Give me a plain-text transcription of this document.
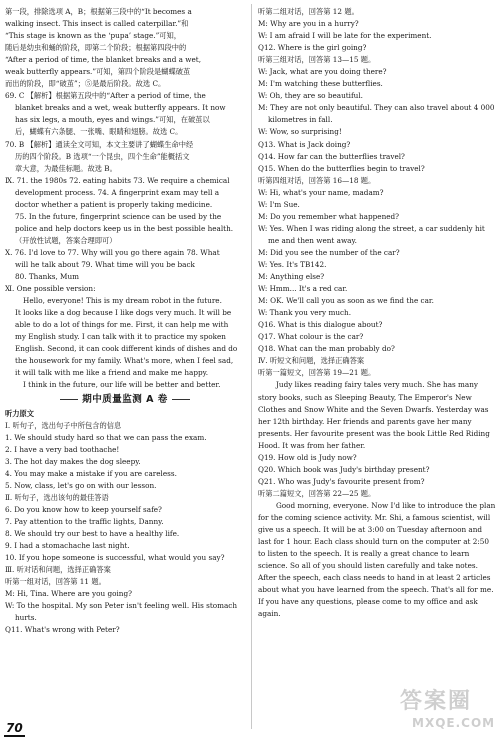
第一段，排除选项 A，B；根据第三段中的“It becomes a
walking insect. This insect is called caterpillar.”和
“This stage is known as the ‘pupa’ stage.”可知，
随后是幼虫和蛹的阶段，即第二个阶段；根据第四段中的
“After a period of time, the blanket breaks and a wet,
weak butterfly appears.”可知，第四个阶段是蝴蝶破茧
而出的阶段，即“破茧”；⑤是最后阶段。故选 C。
69. C 【解析】根据第五段中的“After a period of time, the
blanket breaks and a wet, weak butterfly appears. It now
has six legs, a mouth, eyes and wings.”可知，在破茧以
后，蝴蝶有六条腿、一张嘴、眼睛和翅膀。故选 C。
70. B 【解析】通读全文可知，本文主要讲了蝴蝶生命中经
历的四个阶段。B 选项“一个昆虫，四个生命”能概括文
章大意，为最佳标题。故选 B。
Ⅸ. 71. the 1980s 72. eating habits 73. We require a chemical
development process. 74. A fingerprint exam may tell a
doctor whether a patient is properly taking medicine.
75. In the future, fingerprint science can be used by the
police and help doctors keep us in the best possible health.
（开放性试题，答案合理即可）
Ⅹ. 76. I'd love to 77. Why will you go there again 78. What
will he talk about 79. What time will you be back
80. Thanks, Mum
Ⅺ. One possible version:
Hello, everyone! This is my dream robot in the future.
It looks like a dog because I like dogs very much. It will be
able to do a lot of things for me. First, it can help me with
my English study. I can talk with it to practice my spoken
English. Second, it can cook different kinds of dishes and do
the housework for my family. What's more, when I feel sad,
it will talk with me like a friend and make me happy.
I think in the future, our life will be better and better.
期中质量监测 A 卷
听力原文
Ⅰ. 听句子，选出句子中所包含的信息
1. We should study hard so that we can pass the exam.
2. I have a very bad toothache!
3. The hot day makes the dog sleepy.
4. You may make a mistake if you are careless.
5. Now, class, let's go on with our lesson.
Ⅱ. 听句子，选出该句的最佳答语
6. Do you know how to keep yourself safe?
7. Pay attention to the traffic lights, Danny.
8. We should try our best to have a healthy life.
9. I had a stomachache last night.
10. If you hope someone is successful, what would you say?
Ⅲ. 听对话和问题，选择正确答案
听第一组对话，回答第 11 题。
M: Hi, Tina. Where are you going?
W: To the hospital. My son Peter isn't feeling well. His stomach
hurts.
Q11. What's wrong with Peter?
听第二组对话，回答第 12 题。
M: Why are you in a hurry?
W: I am afraid I will be late for the experiment.
Q12. Where is the girl going?
听第三组对话，回答第 13—15 题。
W: Jack, what are you doing there?
M: I'm watching these butterflies.
W: Oh, they are so beautiful.
M: They are not only beautiful. They can also travel about 4 000
kilometres in fall.
W: Wow, so surprising!
Q13. What is Jack doing?
Q14. How far can the butterflies travel?
Q15. When do the butterflies begin to travel?
听第四组对话，回答第 16—18 题。
W: Hi, what's your name, madam?
W: I'm Sue.
M: Do you remember what happened?
W: Yes. When I was riding along the street, a car suddenly hit
me and then went away.
M: Did you see the number of the car?
W: Yes. It's TB142.
M: Anything else?
W: Hmm... It's a red car.
M: OK. We'll call you as soon as we find the car.
W: Thank you very much.
Q16. What is this dialogue about?
Q17. What colour is the car?
Q18. What can the man probably do?
Ⅳ. 听短文和问题，选择正确答案
听第一篇短文，回答第 19—21 题。
Judy likes reading fairy tales very much. She has many
story books, such as Sleeping Beauty, The Emperor's New
Clothes and Snow White and the Seven Dwarfs. Yesterday was
her 12th birthday. Her friends and parents gave her many
presents. Her favourite present was the book Little Red Riding
Hood. It was from her father.
Q19. How old is Judy now?
Q20. Which book was Judy's birthday present?
Q21. Who was Judy's favourite present from?
听第二篇短文，回答第 22—25 题。
Good morning, everyone. Now I'd like to introduce the plan
for the coming science activity. Mr. Shi, a famous scientist, will
give us a speech. It will be at 3:00 on Tuesday afternoon and
last for 1 hour. Each class should turn on the computer at 2:50
to listen to the speech. It is really a great chance to learn
science. So all of you should listen carefully and take notes.
After the speech, each class needs to hand in at least 2 articles
about what you have learned from the speech. That's all for me.
If you have any questions, please come to my office and ask
again.
70
答案圈
MXQE.COM
